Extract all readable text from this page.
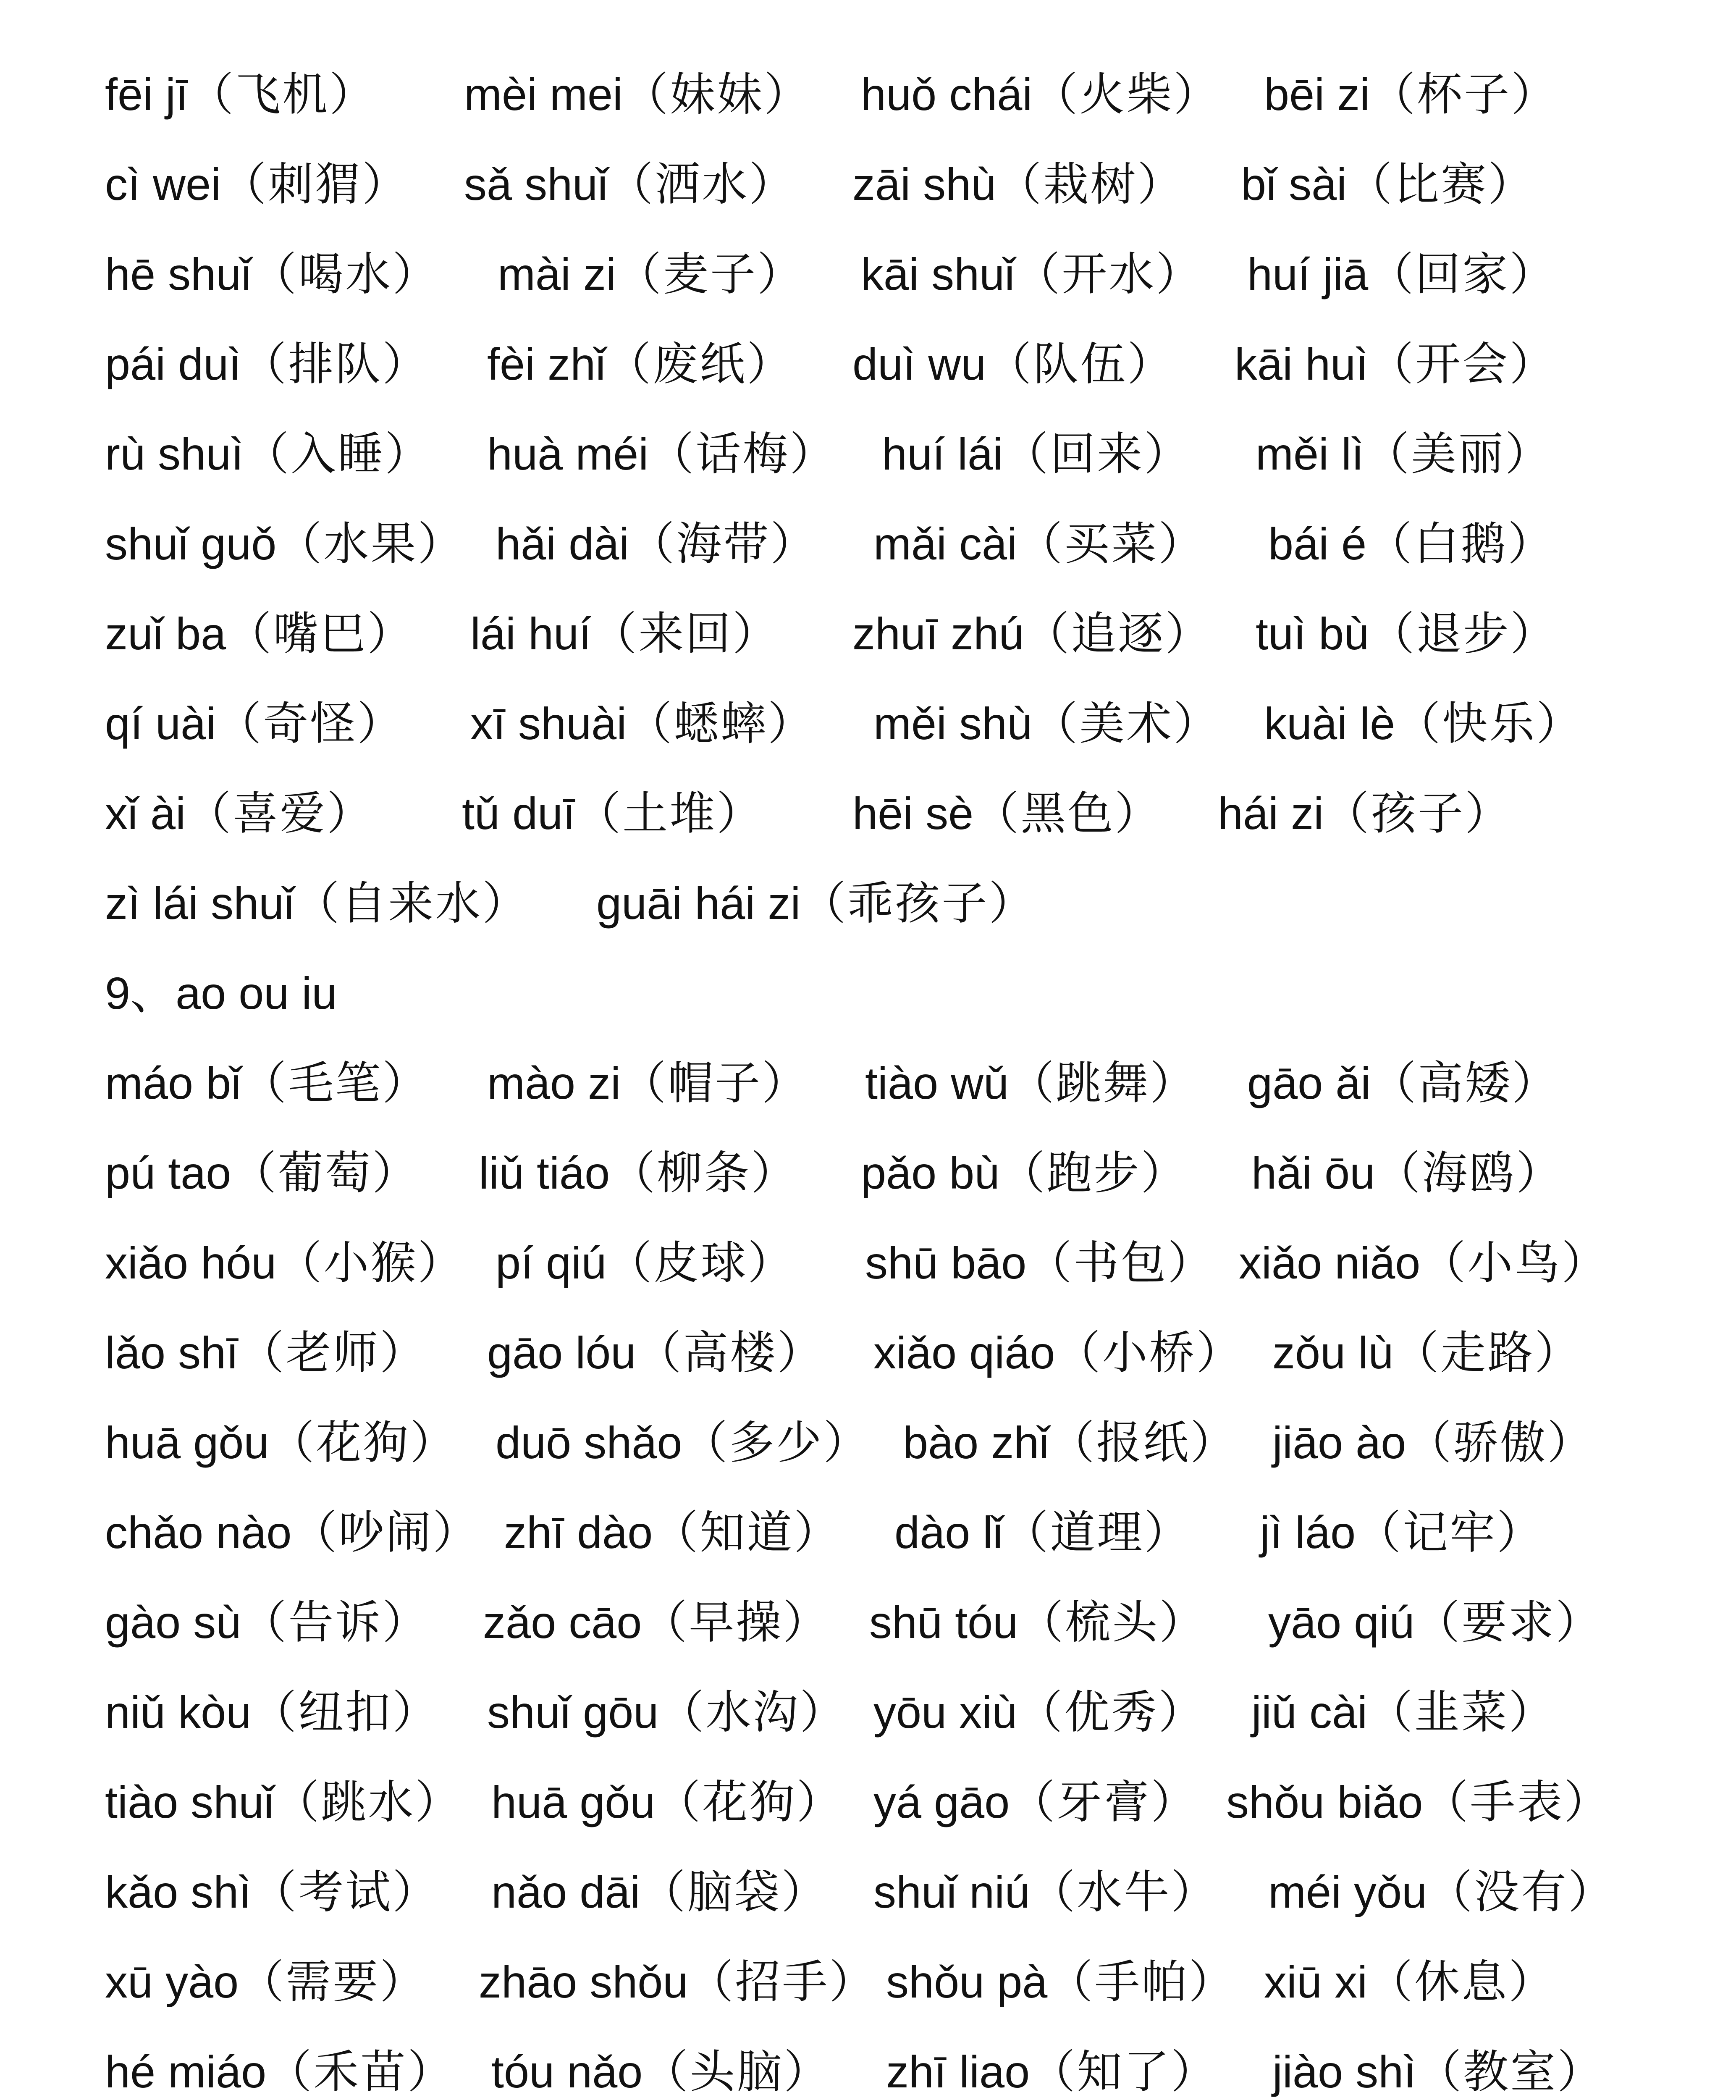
fēi jī（飞机） mèi mei（妹妹） huǒ chái（火柴） bēi zi（杯子）
cì wei（刺猬） sǎ shuǐ（洒水） zāi shù（栽树） bǐ sài（比赛）
hē shuǐ（喝水） mài zi（麦子） kāi shuǐ（开水） huí jiā（回家）
pái duì（排队） fèi zhǐ（废纸） duì wu（队伍） kāi huì（开会）
rù shuì（入睡） huà méi（话梅） huí lái（回来） měi lì（美丽）
shuǐ guǒ（水果） hǎi dài（海带） mǎi cài（买菜） bái é（白鹅）
zuǐ ba（嘴巴） lái huí（来回） zhuī zhú（追逐） tuì bù（退步）
qí uài（奇怪） xī shuài（蟋蟀） měi shù（美术） kuài lè（快乐）
xǐ ài（喜爱） tǔ duī（土堆） hēi sè（黑色） hái zi（孩子）
zì lái shuǐ（自来水） guāi hái zi（乖孩子）
9、ao ou iu
máo bǐ（毛笔） mào zi（帽子） tiào wǔ（跳舞） gāo ǎi（高矮）
pú tao（葡萄） liǔ tiáo（柳条） pǎo bù（跑步） hǎi ōu（海鸥）
xiǎo hóu（小猴） pí qiú（皮球） shū bāo（书包） xiǎo niǎo（小鸟）
lǎo shī（老师） gāo lóu（高楼） xiǎo qiáo（小桥） zǒu lù（走路）
huā gǒu（花狗） duō shǎo（多少） bào zhǐ（报纸） jiāo ào（骄傲）
chǎo nào（吵闹） zhī dào（知道） dào lǐ（道理） jì láo（记牢）
gào sù（告诉） zǎo cāo（早操） shū tóu（梳头） yāo qiú（要求）
niǔ kòu（纽扣） shuǐ gōu（水沟） yōu xiù（优秀） jiǔ cài（韭菜）
tiào shuǐ（跳水） huā gǒu（花狗） yá gāo（牙膏） shǒu biǎo（手表）
kǎo shì（考试） nǎo dāi（脑袋） shuǐ niú（水牛） méi yǒu（没有）
xū yào（需要） zhāo shǒu（招手） shǒu pà（手帕） xiū xi（休息）
hé miáo（禾苗） tóu nǎo（头脑） zhī liao（知了） jiào shì（教室）
